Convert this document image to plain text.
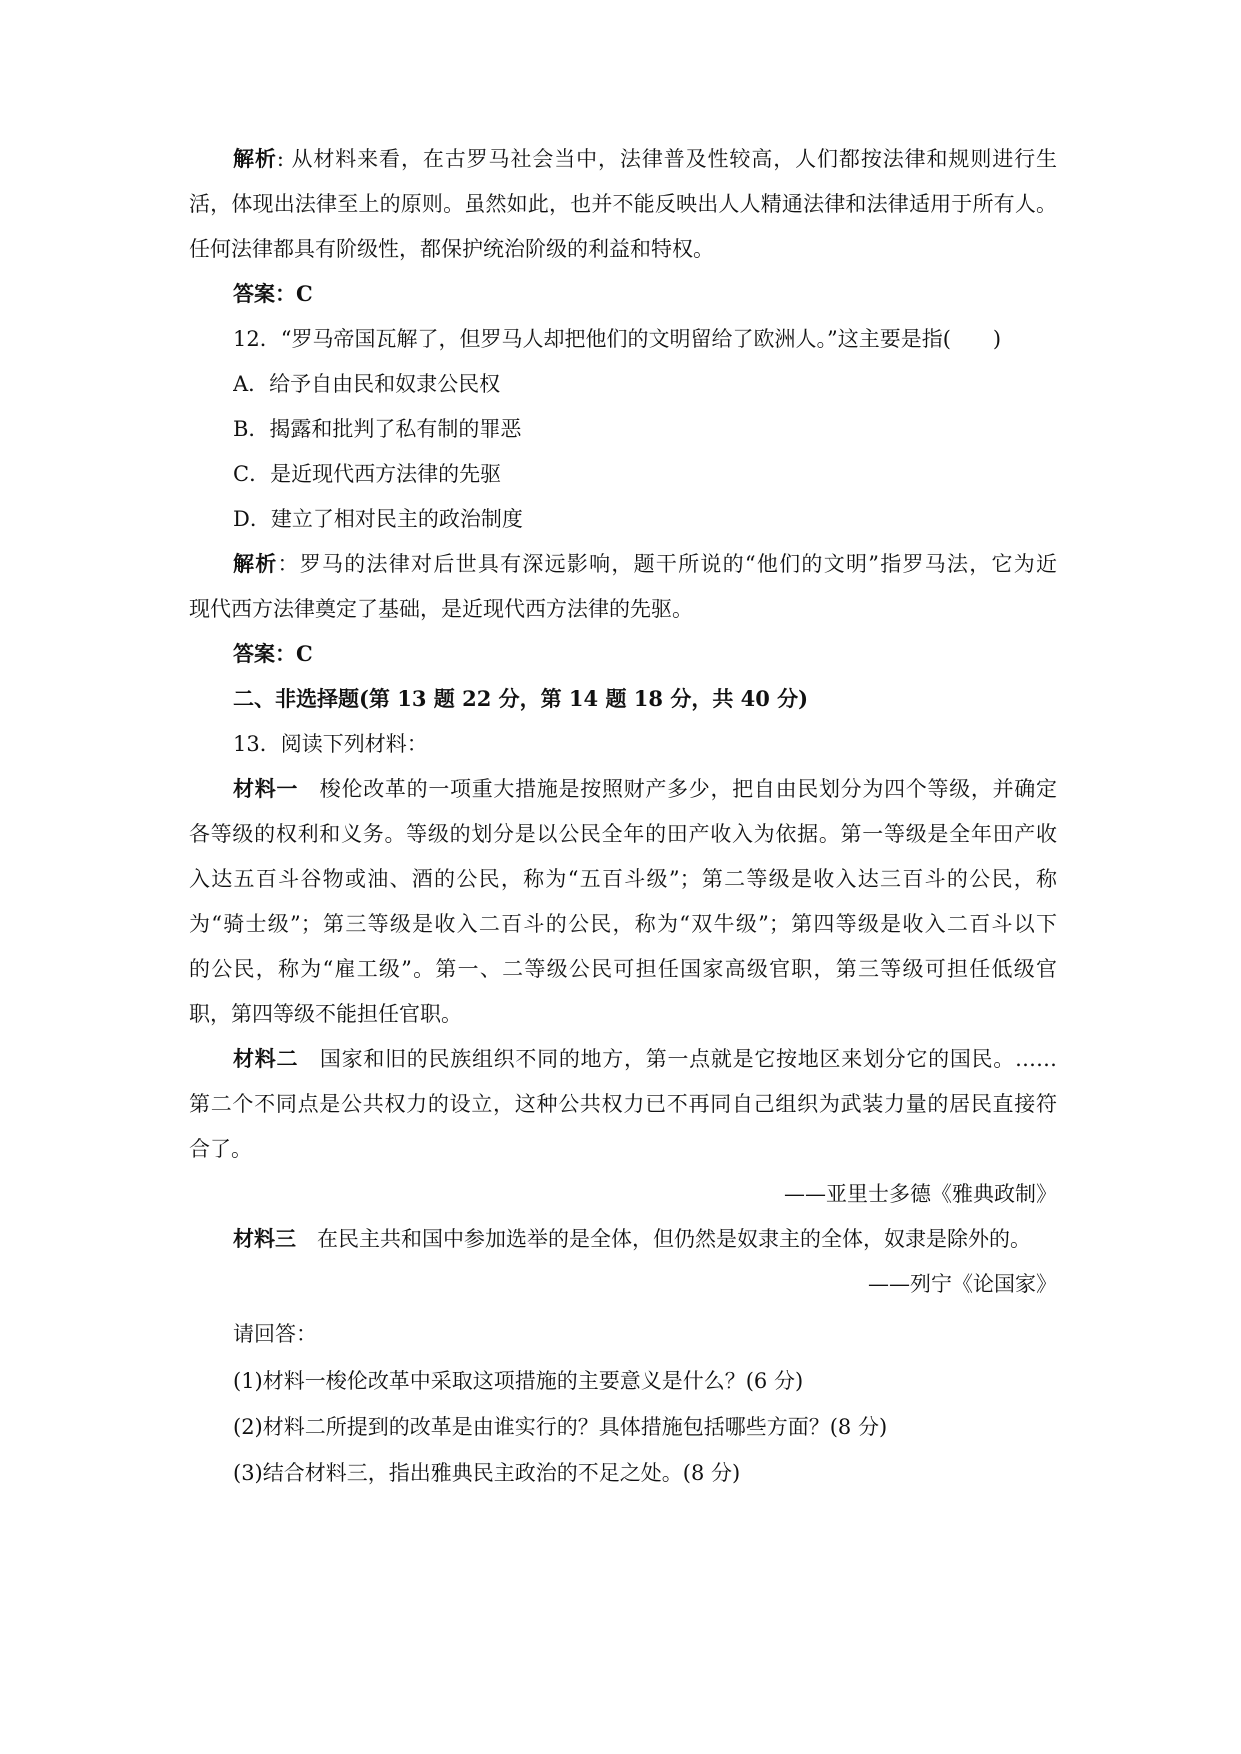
解析: 从材料来看，在古罗马社会当中，法律普及性较高，人们都按法律和规则进行生
活，体现出法律至上的原则。虽然如此，也并不能反映出人人精通法律和法律适用于所有人。
任何法律都具有阶级性，都保护统治阶级的利益和特权。
答案：C
12．“罗马帝国瓦解了，但罗马人却把他们的文明留给了欧洲人。”这主要是指(　　)
A．给予自由民和奴隶公民权
B．揭露和批判了私有制的罪恶
C．是近现代西方法律的先驱
D．建立了相对民主的政治制度
解析：罗马的法律对后世具有深远影响，题干所说的“他们的文明”指罗马法，它为近
现代西方法律奠定了基础，是近现代西方法律的先驱。
答案：C
二、非选择题(第 13 题 22 分，第 14 题 18 分，共 40 分)
13．阅读下列材料：
材料一　梭伦改革的一项重大措施是按照财产多少，把自由民划分为四个等级，并确定
各等级的权利和义务。等级的划分是以公民全年的田产收入为依据。第一等级是全年田产收
入达五百斗谷物或油、酒的公民，称为“五百斗级”；第二等级是收入达三百斗的公民，称
为“骑士级”；第三等级是收入二百斗的公民，称为“双牛级”；第四等级是收入二百斗以下
的公民，称为“雇工级”。第一、二等级公民可担任国家高级官职，第三等级可担任低级官
职，第四等级不能担任官职。
材料二　国家和旧的民族组织不同的地方，第一点就是它按地区来划分它的国民。……
第二个不同点是公共权力的设立，这种公共权力已不再同自己组织为武装力量的居民直接符
合了。
——亚里士多德《雅典政制》
材料三　在民主共和国中参加选举的是全体，但仍然是奴隶主的全体，奴隶是除外的。
——列宁《论国家》
请回答：
(1)材料一梭伦改革中采取这项措施的主要意义是什么？(6 分)
(2)材料二所提到的改革是由谁实行的？具体措施包括哪些方面？(8 分)
(3)结合材料三，指出雅典民主政治的不足之处。(8 分)
